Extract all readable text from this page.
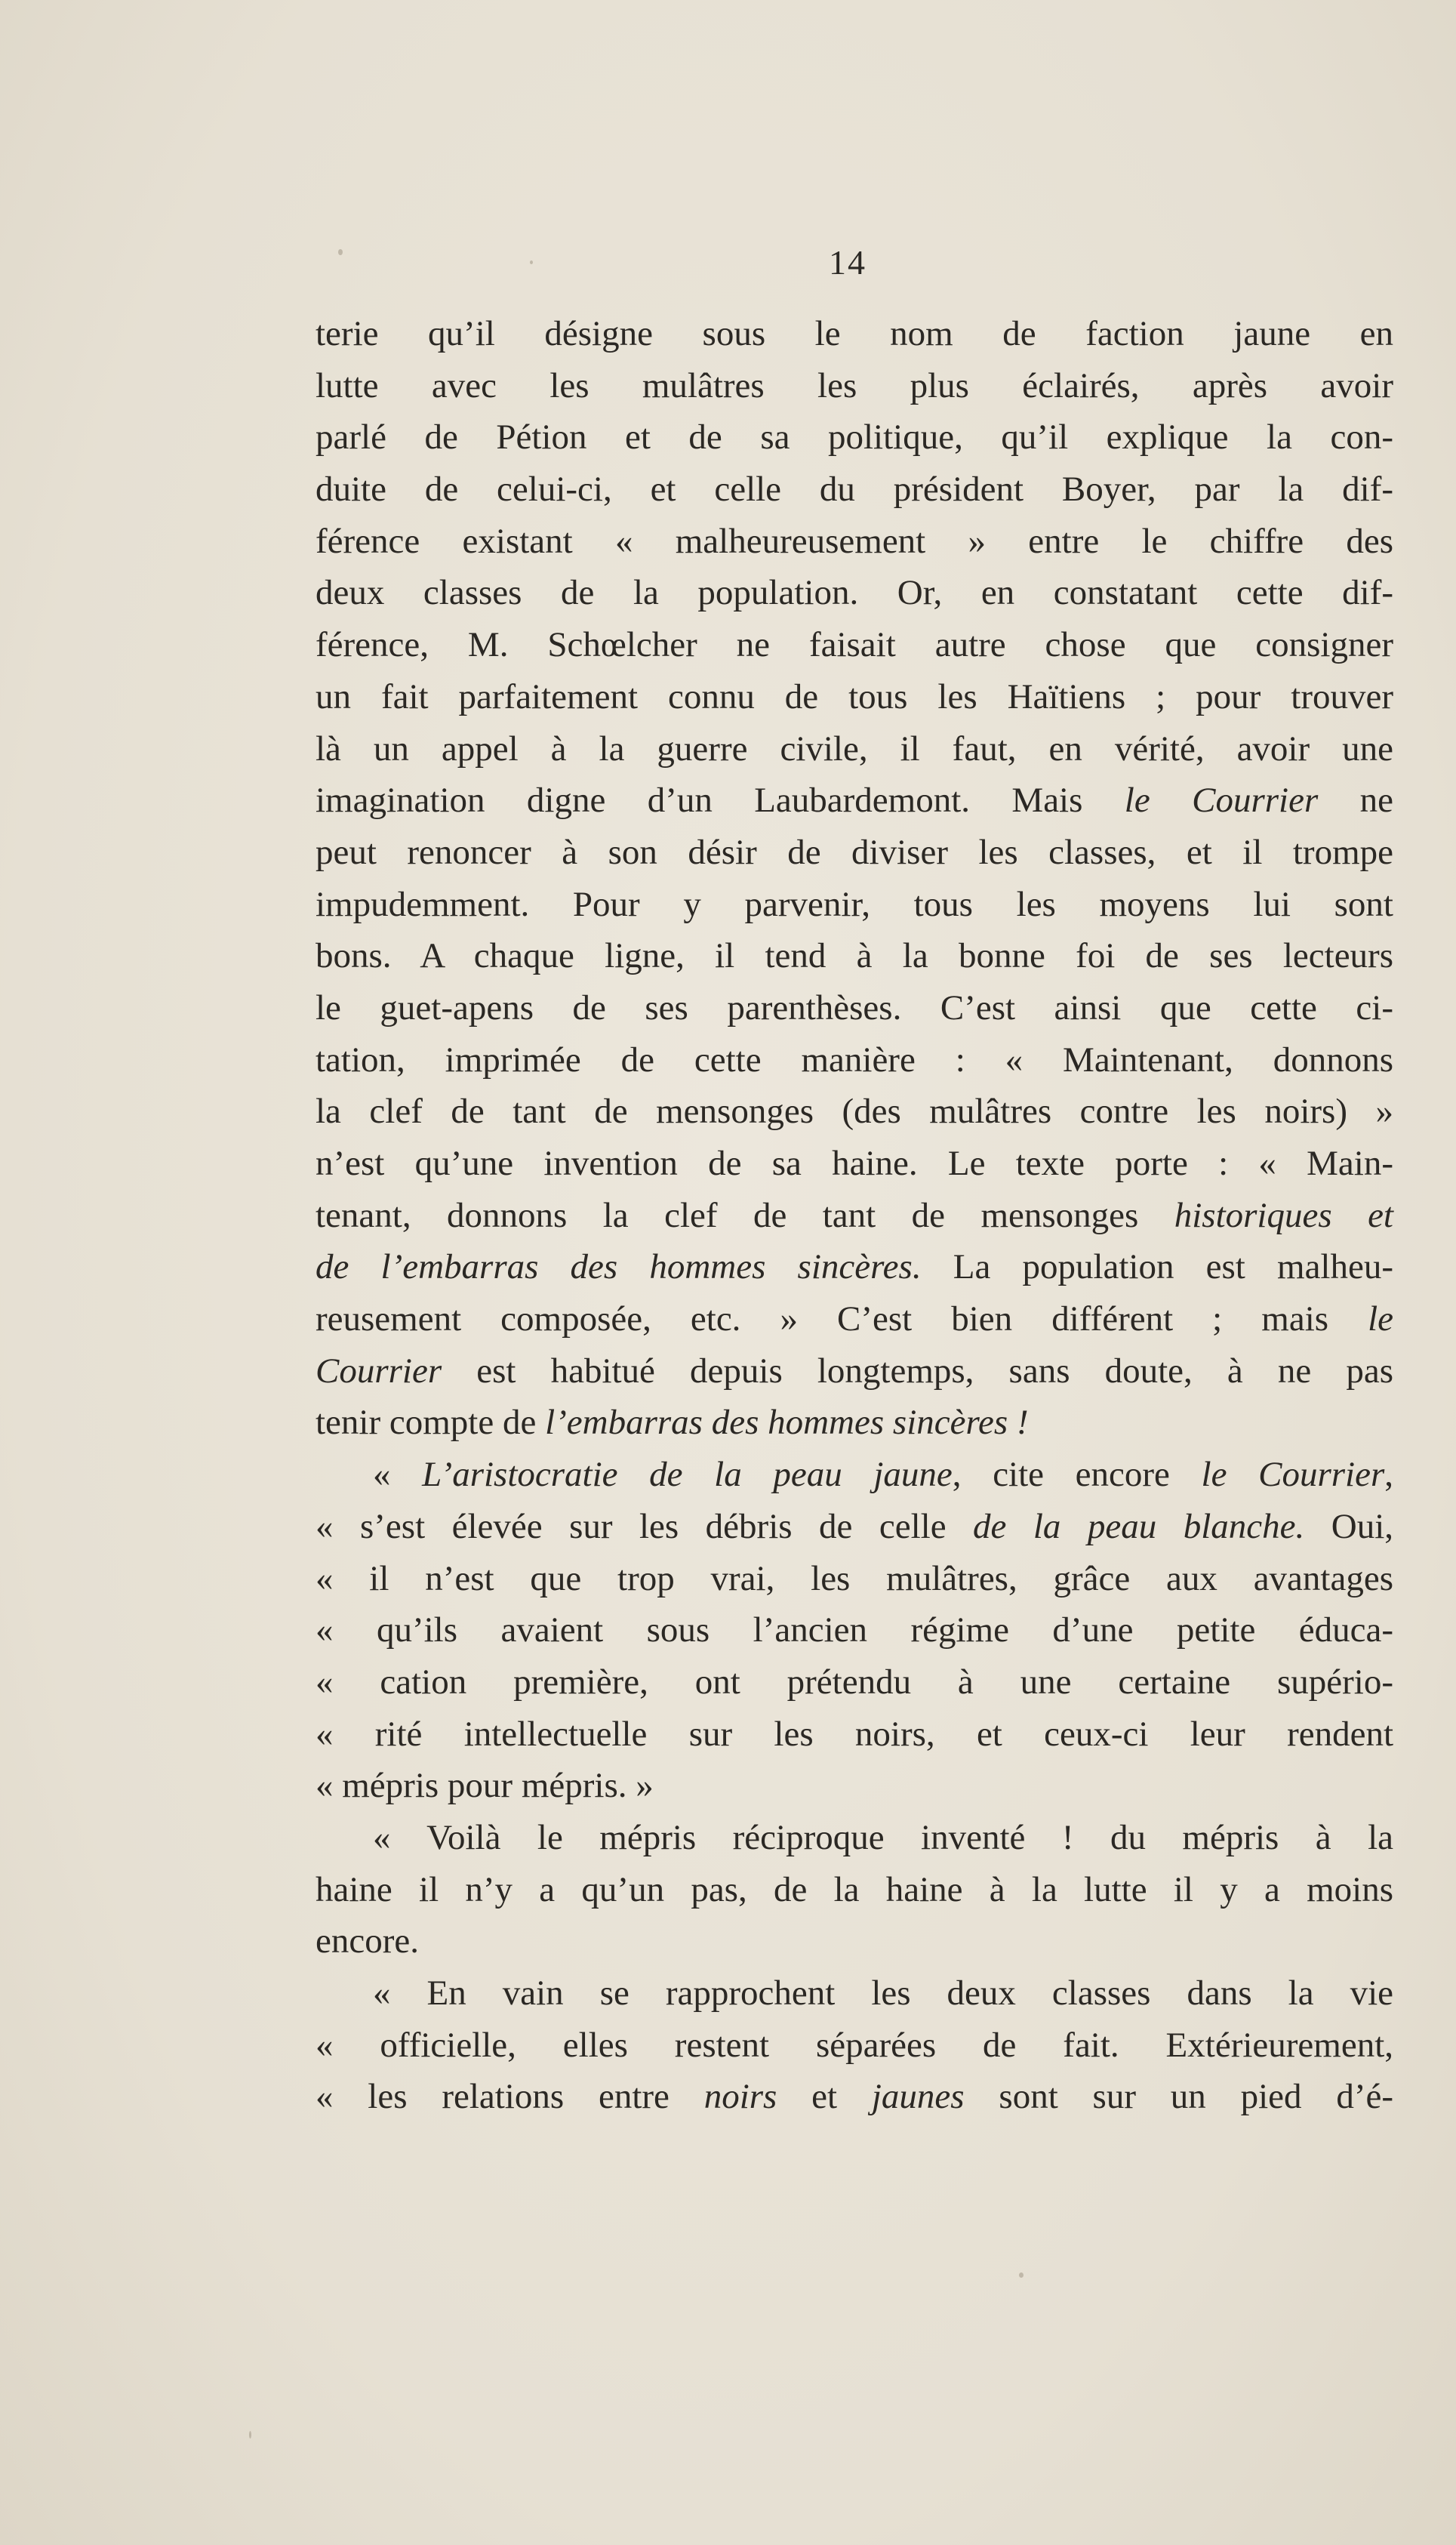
14
terie qu’il désigne sous le nom de faction jaune en
lutte avec les mulâtres les plus éclairés, après avoir
parlé de Pétion et de sa politique, qu’il explique la con-
duite de celui-ci, et celle du président Boyer, par la dif-
férence existant « malheureusement » entre le chiffre des
deux classes de la population. Or, en constatant cette dif-
férence, M. Schœlcher ne faisait autre chose que consigner
un fait parfaitement connu de tous les Haïtiens ; pour trouver
là un appel à la guerre civile, il faut, en vérité, avoir une
imagination digne d’un Laubardemont. Mais le Courrier ne
peut renoncer à son désir de diviser les classes, et il trompe
impudemment. Pour y parvenir, tous les moyens lui sont
bons. A chaque ligne, il tend à la bonne foi de ses lecteurs
le guet-apens de ses parenthèses. C’est ainsi que cette ci-
tation, imprimée de cette manière : « Maintenant, donnons
la clef de tant de mensonges (des mulâtres contre les noirs) »
n’est qu’une invention de sa haine. Le texte porte : « Main-
tenant, donnons la clef de tant de mensonges historiques et
de l’embarras des hommes sincères. La population est malheu-
reusement composée, etc. » C’est bien différent ; mais le
Courrier est habitué depuis longtemps, sans doute, à ne pas
tenir compte de l’embarras des hommes sincères !
« L’aristocratie de la peau jaune, cite encore le Courrier,
« s’est élevée sur les débris de celle de la peau blanche. Oui,
« il n’est que trop vrai, les mulâtres, grâce aux avantages
« qu’ils avaient sous l’ancien régime d’une petite éduca-
« cation première, ont prétendu à une certaine supério-
« rité intellectuelle sur les noirs, et ceux-ci leur rendent
« mépris pour mépris. »
« Voilà le mépris réciproque inventé ! du mépris à la
haine il n’y a qu’un pas, de la haine à la lutte il y a moins
encore.
« En vain se rapprochent les deux classes dans la vie
« officielle, elles restent séparées de fait. Extérieurement,
« les relations entre noirs et jaunes sont sur un pied d’é-
